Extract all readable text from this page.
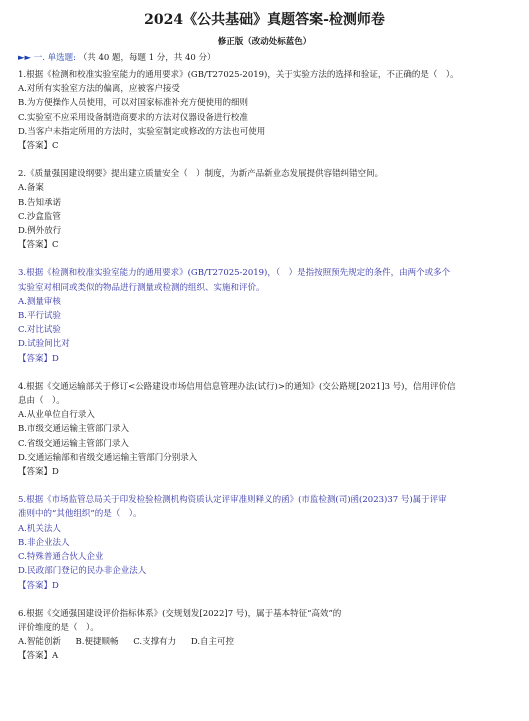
2024《公共基础》真题答案-检测师卷
修正版（改动处标蓝色）
►► 一. 单选题: （共 40 题，每题 1 分，共 40 分）
1.根据《检测和校准实验室能力的通用要求》(GB/T27025-2019)，关于实验方法的选择和验证，不正确的是（　）。
A.对所有实验室方法的偏离，应被客户接受
B.为方便操作人员使用，可以对国家标准补充方便使用的细则
C.实验室不应采用设备制造商要求的方法对仪器设备进行校准
D.当客户未指定所用的方法时，实验室制定或修改的方法也可使用
【答案】C
2.《质量强国建设纲要》提出建立质量安全（　）制度，为新产品新业态发展提供容错纠错空间。
A.备案
B.告知承诺
C.沙盒监管
D.例外放行
【答案】C
3.根据《检测和校准实验室能力的通用要求》(GB/T27025-2019)，（　）是指按照预先规定的条件，由两个或多个
实验室对相同或类似的物品进行测量或检测的组织、实施和评价。
A.测量审核
B.平行试验
C.对比试验
D.试验间比对
【答案】D
4.根据《交通运输部关于修订<公路建设市场信用信息管理办法(试行)>的通知》(交公路规[2021]3 号)，信用评价信
息由（　）。
A.从业单位自行录入
B.市级交通运输主管部门录入
C.省级交通运输主管部门录入
D.交通运输部和省级交通运输主管部门分别录入
【答案】D
5.根据《市场监管总局关于印发检验检测机构资质认定评审准则释义的函》(市监检测(司)函(2023)37 号)属于评审
准则中的“其他组织”的是（　）。
A.机关法人
B.非企业法人
C.特殊普通合伙人企业
D.民政部门登记的民办非企业法人
【答案】D
6.根据《交通强国建设评价指标体系》(交规划发[2022]7 号)，属于基本特征“高效”的
评价维度的是（　）。
A.智能创新 B.便捷顺畅 C.支撑有力 D.自主可控
【答案】A
